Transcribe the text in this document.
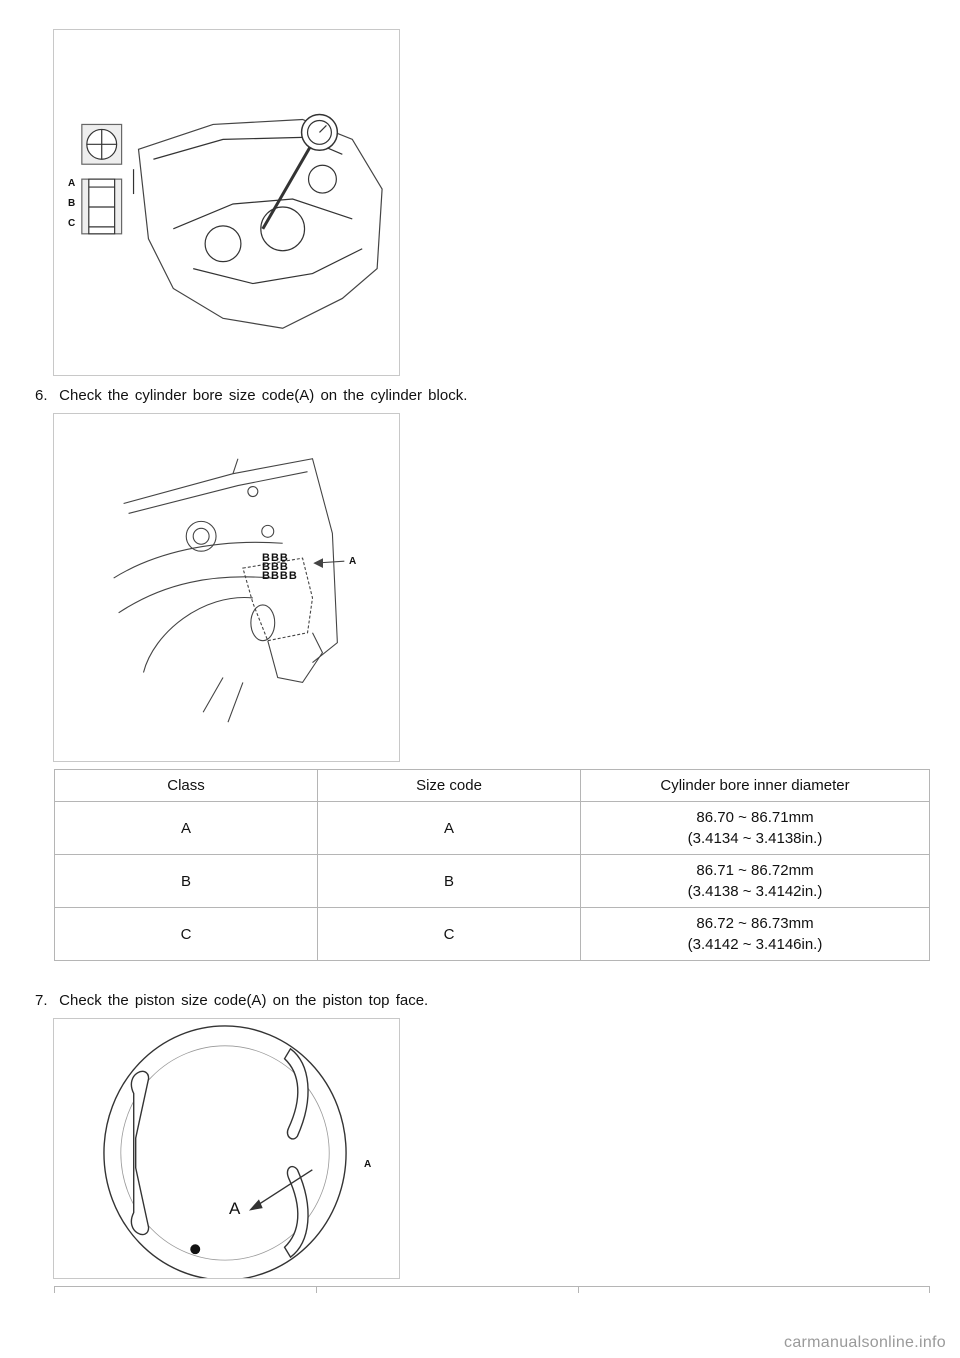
A
B
C
6. Check the cylinder bore size code(A) on the cylinder block.
A
BBB
BBB
BBBB
Class	Size code	Cylinder bore inner diameter
A	A	86.70 ~ 86.71mm
(3.4134 ~ 3.4138in.)
B	B	86.71 ~ 86.72mm
(3.4138 ~ 3.4142in.)
C	C	86.72 ~ 86.73mm
(3.4142 ~ 3.4146in.)
7. Check the piston size code(A) on the piston top face.
A
A
carmanualsonline.info
